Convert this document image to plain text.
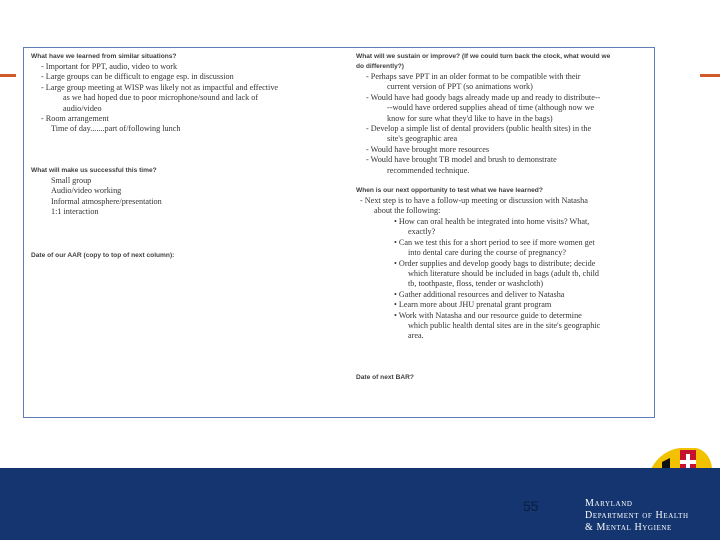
What have we learned from similar situations?
- Important for PPT, audio, video to work
- Large groups can be difficult to engage esp. in discussion
- Large group meeting at WISP was likely not as impactful and effective
as we had hoped due to poor microphone/sound and lack of
audio/video
- Room arrangement
Time of day.......part of/following lunch
What will make us successful this time?
Small group
Audio/video working
Informal atmosphere/presentation
1:1 interaction
Date of our AAR (copy to top of next column):
What will we sustain or improve? (If we could turn back the clock, what would we
do differently?)
- Perhaps save PPT in an older format to be compatible with their
current version of PPT (so animations work)
- Would have had goody bags already made up and ready to distribute--
--would have ordered supplies ahead of time (although now we
know for sure what they'd like to have in the bags)
- Develop a simple list of dental providers (public health sites) in the
site's geographic area
- Would have brought more resources
- Would have brought TB model and brush to demonstrate
recommended technique.
When is our next opportunity to test what we have learned?
- Next step is to have a follow-up meeting or discussion with Natasha
about the following:
• How can oral health be integrated into home visits? What,
exactly?
• Can we test this for a short period to see if more women get
into dental care during the course of pregnancy?
• Order supplies and develop goody bags to distribute; decide
which literature should be included in bags (adult tb, child
tb, toothpaste, floss, tender or washcloth)
• Gather additional resources and deliver to Natasha
• Learn more about JHU prenatal grant program
• Work with Natasha and our resource guide to determine
which public health dental sites are in the site's geographic
area.
Date of next BAR?
55	Maryland
Department of Health
& Mental Hygiene
